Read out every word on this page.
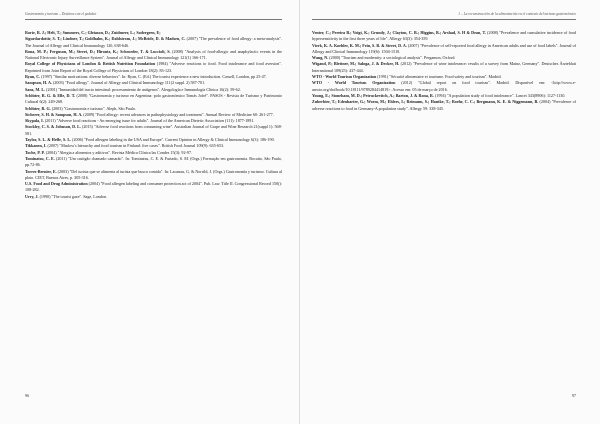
Gastronomía y turismo – Destinos con el paladar

Rorie, R. J.; Helt, T.; Summers, C.; Gleiason, D.; Zuidmeer, L.; Sodergren, E;

Sigurdardottir, S. T.; Lindner, T.; Goldhahn, K.; Dahlstrom, J.; McBride, D. & Madsen, C. (2007) "The prevalence of food allergy: a meta-analysis". The Journal of Allergy and Clinical Immunology 120, 638-646.

Rona, M. P.; Ferguson, M.; Street, D.; Hirontz, K.; Schroeder, T. & Luccioli, S. (2008) "Analysis of food-allergic and anaphylactic events in the National Electronic Injury Surveillance System". Journal of Allergy and Clinical Immunology 121(1) 166-171.

Royal College of Physicians of London & British Nutrition Foundation (1984) "Adverse reactions to food. Food intolerance and food aversion". Reprinted from Joint Report of the Royal College of Physicians of London 18(2): 83-123.

Ryan, C. (1997) "Similar motivations: diverse behaviors". In: Ryan, C. (Ed.) The tourist experience a new introduction. Cassell, London, pp 25-47.

Sampson, H. A. (2003) "Food allergy". Journal of Allergy and Clinical Immunology 111(2 suppl. 2) 587-701.

Sanz, M. L. (2001) "Inmunidad del tracto intestinal: procesamiento de antígenos". Alergología e Inmunología Clínica 16(2): 59-62.

Schlüter, R. G. & Elle, D. T. (2008) "Gastronomía y turismo en Argentina: polo gastronómico Tomás Jofré". PASOS - Revista de Turismo y Patrimonio Cultural 6(2): 249-268.

Schlüter, R. G. (2003) "Gastronomía e turismo". Aleph, São Paulo.

Sicherer, S. H. & Sampson, H. A. (2009) "Food allergy: recent advances in pathophysiology and treatment". Annual Review of Medicine 60: 261-277.

Skypala, I. (2011) "Adverse food reactions - An emerging issue for adults". Journal of the American Dietetic Association (111): 1877-1891.

Stockley, C. S. & Johnson, D. L. (2015) "Adverse food reactions from consuming wine". Australian Journal of Grape and Wine Research 21(suppl 1): 568-581.

Taylor, S. L. & Hefle, S. L. (2006) "Food allergen labeling in the USA and Europe". Current Opinion in Allergy & Clinical Immunology 6(3): 186-190.

Tikkanen, I. (2007) "Maslow's hierarchy and food tourism in Finland: five cases". British Food Journal 109(9): 635-653.

Toche, P. P. (2004) "Alergia a alimentos y aditivos". Revista Médica Clínica las Condes 15(3): 92-97.

Tominatsu, C. E. (2011) "Um castigão chamado camarão". In: Tominatsu, C. E. & Furtado, S. M. (Orgs.) Formação em gastronomia. Bocatto, São Paulo, pp.72-86.

Torres-Bernier, E. (2003) "Del turista que se alimenta al turista que busca comida". In: Lacanau, G. & Norrild, J. (Orgs.) Gastronomía y turismo. Cultura al plato. CIET, Buenos Aires, p. 305-316.

U.S. Food and Drug Administration (2004) "Food allergen labeling and consumer protection act of 2004". Pub. Law. Title II. Congressional Record 150(): 108-282.

Urry, J. (1990) "The tourist gaze". Sage, London.

96
1 – La reconstrucción de la alimentación en el contexto del turismo gastronómico

Venter, C.; Pereira B.; Voigt, K.; Grundy, J.; Clayton, C. B.; Higgins, B.; Arshad, S. H & Dean, T. (2008) "Prevalence and cumulative incidence of food hypersensitivity in the first three years of life". Allergy 63(3): 354-359.

Vierk, K. A. Koehler, K. M.; Fein, S. B. & Street, D. A. (2007) "Prevalence of self-reported food allergy in American adults and use of food labels". Journal of Allergy and Clinical Immunology 119(6): 1504-1510.

Wang, N. (2000) "Tourism and modernity: a sociological analysis". Pergamon, Oxford.

Wigand, P.; Blettner, M.; Saloga, J. & Decker, H. (2012) "Prevalence of wine intolerance: results of a survey from Mainz, Germany". Deutsches Ärzteblatt International 109(25): 437-444.

WTO - World Tourism Organization (1991) "Sécurité alimentaire et tourisme. Food safety and tourism". Madrid.

WTO - World Tourism Organization (2012) "Global report on food tourism". Madrid. Disponível em: <http://www.e-unwto.org/doi/book/10.18111/9789284414819>. Acesso em: 05 de março de 2016.

Young, E.; Stoneham, M. D.; Petruckevitch, A.; Barton, J. & Rona, R. (1994) "A population study of food intolerance". Lancet 343(8906): 1127-1130.

Zuberbier, T.; Edenharter, G.; Worm, M.; Ehlers, I.; Reimann, S.; Hantke, T.; Roehr, C. C.; Bergmann, K. E. & Niggemann, B. (2004) "Prevalence of adverse reactions to food in Germany-A population study". Allergy 59: 338-345.

97
